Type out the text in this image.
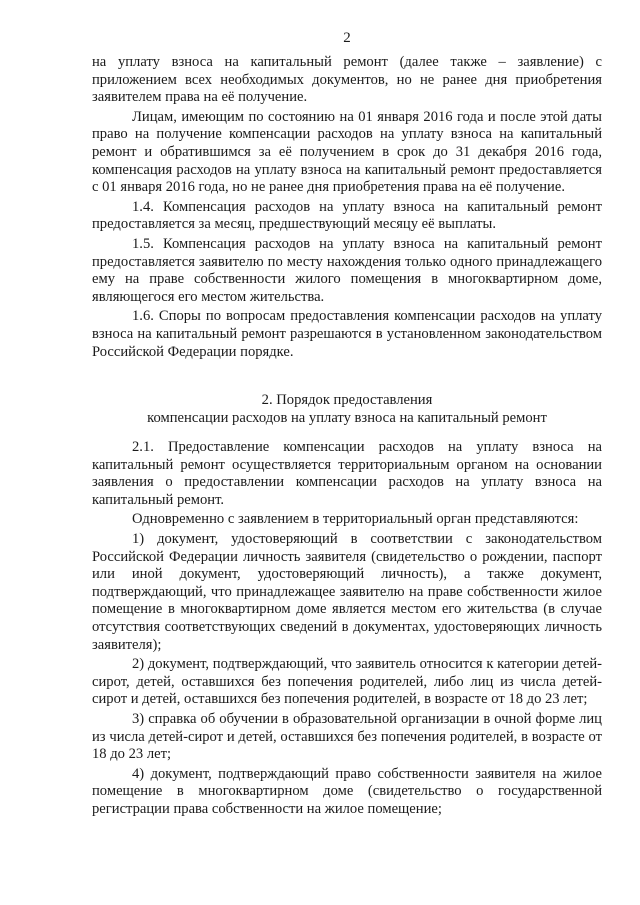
2

на уплату взноса на капитальный ремонт (далее также – заявление) с приложением всех необходимых документов, но не ранее дня приобретения заявителем права на её получение.

Лицам, имеющим по состоянию на 01 января 2016 года и после этой даты право на получение компенсации расходов на уплату взноса на капитальный ремонт и обратившимся за её получением в срок до 31 декабря 2016 года, компенсация расходов на уплату взноса на капитальный ремонт предоставляется с 01 января 2016 года, но не ранее дня приобретения права на её получение.

1.4. Компенсация расходов на уплату взноса на капитальный ремонт предоставляется за месяц, предшествующий месяцу её выплаты.

1.5. Компенсация расходов на уплату взноса на капитальный ремонт предоставляется заявителю по месту нахождения только одного принадлежащего ему на праве собственности жилого помещения в многоквартирном доме, являющегося его местом жительства.

1.6. Споры по вопросам предоставления компенсации расходов на уплату взноса на капитальный ремонт разрешаются в установленном законодательством Российской Федерации порядке.

2. Порядок предоставления
компенсации расходов на уплату взноса на капитальный ремонт

2.1. Предоставление компенсации расходов на уплату взноса на капитальный ремонт осуществляется территориальным органом на основании заявления о предоставлении компенсации расходов на уплату взноса на капитальный ремонт.

Одновременно с заявлением в территориальный орган представляются:

1) документ, удостоверяющий в соответствии с законодательством Российской Федерации личность заявителя (свидетельство о рождении, паспорт или иной документ, удостоверяющий личность), а также документ, подтверждающий, что принадлежащее заявителю на праве собственности жилое помещение в многоквартирном доме является местом его жительства (в случае отсутствия соответствующих сведений в документах, удостоверяющих личность заявителя);

2) документ, подтверждающий, что заявитель относится к категории детей-сирот, детей, оставшихся без попечения родителей, либо лиц из числа детей-сирот и детей, оставшихся без попечения родителей, в возрасте от 18 до 23 лет;

3) справка об обучении в образовательной организации в очной форме лиц из числа детей-сирот и детей, оставшихся без попечения родителей, в возрасте от 18 до 23 лет;

4) документ, подтверждающий право собственности заявителя на жилое помещение в многоквартирном доме (свидетельство о государственной регистрации права собственности на жилое помещение;
